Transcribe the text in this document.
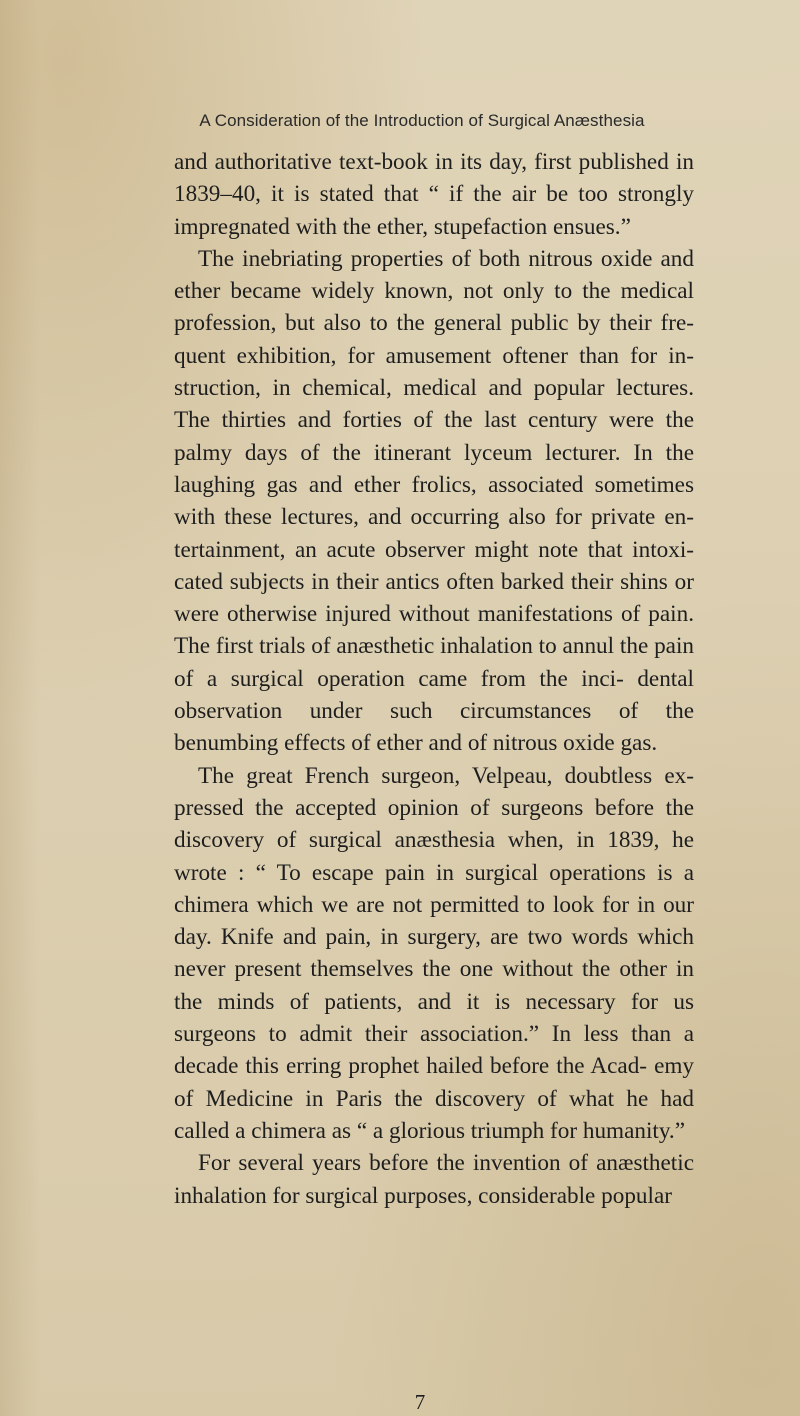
A Consideration of the Introduction of Surgical Anæsthesia

and authoritative text-book in its day, first published in 1839–40, it is stated that “ if the air be too strongly impregnated with the ether, stupefaction ensues.”

The inebriating properties of both nitrous oxide and ether became widely known, not only to the medical profession, but also to the general public by their fre- quent exhibition, for amusement oftener than for in- struction, in chemical, medical and popular lectures. The thirties and forties of the last century were the palmy days of the itinerant lyceum lecturer. In the laughing gas and ether frolics, associated sometimes with these lectures, and occurring also for private en- tertainment, an acute observer might note that intoxi- cated subjects in their antics often barked their shins or were otherwise injured without manifestations of pain. The first trials of anæsthetic inhalation to annul the pain of a surgical operation came from the inci- dental observation under such circumstances of the benumbing effects of ether and of nitrous oxide gas.

The great French surgeon, Velpeau, doubtless ex- pressed the accepted opinion of surgeons before the discovery of surgical anæsthesia when, in 1839, he wrote : “ To escape pain in surgical operations is a chimera which we are not permitted to look for in our day. Knife and pain, in surgery, are two words which never present themselves the one without the other in the minds of patients, and it is necessary for us surgeons to admit their association.” In less than a decade this erring prophet hailed before the Acad- emy of Medicine in Paris the discovery of what he had called a chimera as “ a glorious triumph for humanity.”

For several years before the invention of anæsthetic inhalation for surgical purposes, considerable popular

7
